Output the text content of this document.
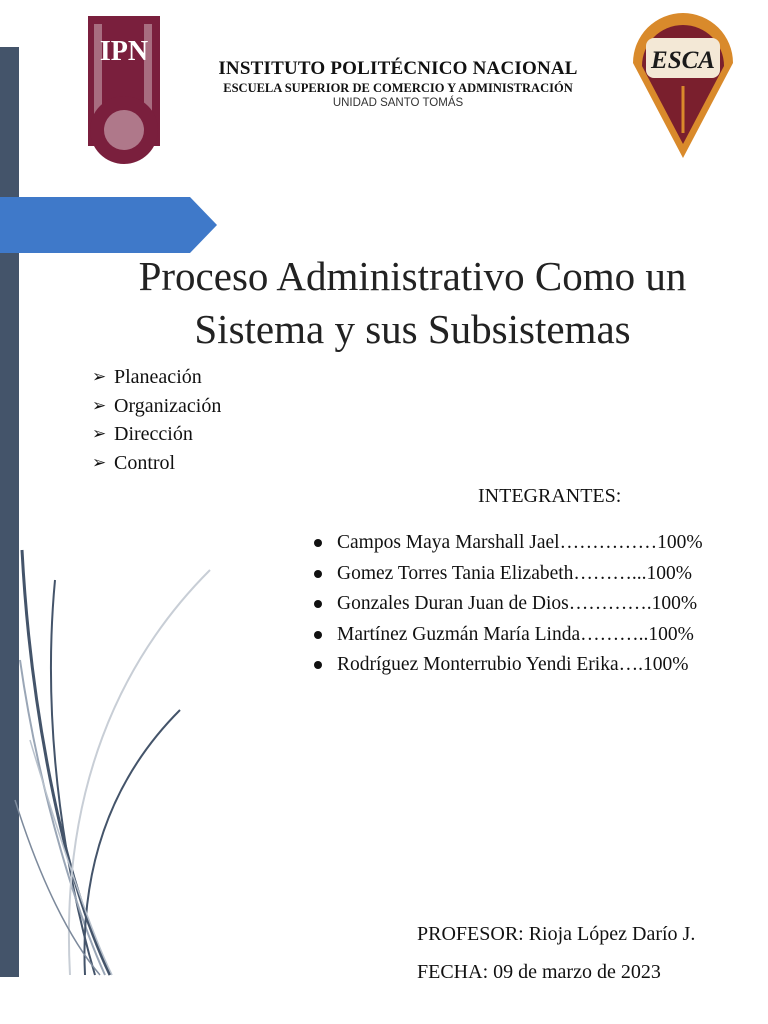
IPN	ESCA
INSTITUTO POLITÉCNICO NACIONAL
ESCUELA SUPERIOR DE COMERCIO Y ADMINISTRACIÓN
UNIDAD SANTO TOMÁS
Proceso Administrativo Como un
Sistema y sus Subsistemas
➢ Planeación
➢ Organización
➢ Dirección
➢ Control
INTEGRANTES:
Campos Maya Marshall Jael……………100%
Gomez Torres Tania Elizabeth………...100%
Gonzales Duran Juan de Dios………….100%
Martínez Guzmán María Linda………..100%
Rodríguez Monterrubio Yendi Erika….100%
PROFESOR: Rioja López Darío J.
FECHA: 09 de marzo de 2023
